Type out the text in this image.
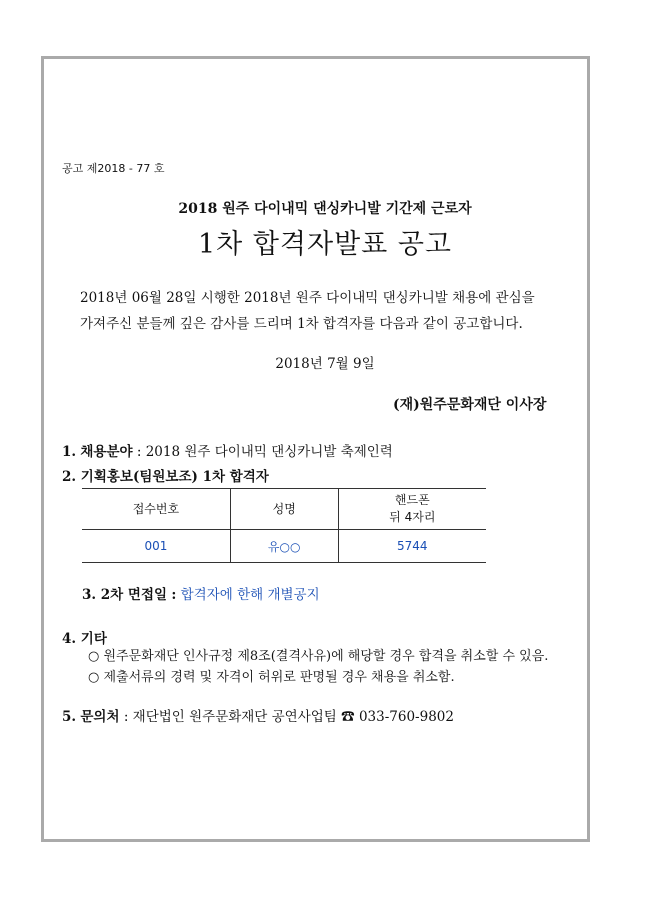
공고 제2018 - 77 호
2018 원주 다이내믹 댄싱카니발 기간제 근로자
1차 합격자발표 공고
2018년 06월 28일 시행한 2018년 원주 다이내믹 댄싱카니발 채용에 관심을
가져주신 분들께 깊은 감사를 드리며 1차 합격자를 다음과 같이 공고합니다.
2018년 7월 9일
(재)원주문화재단 이사장
1. 채용분야 : 2018 원주 다이내믹 댄싱카니발 축제인력
2. 기획홍보(팀원보조) 1차 합격자
접수번호	성명	핸드폰
뒤 4자리

001	유○○	5744
3. 2차 면접일 : 합격자에 한해 개별공지
4. 기타
○ 원주문화재단 인사규정 제8조(결격사유)에 해당할 경우 합격을 취소할 수 있음.
○ 제출서류의 경력 및 자격이 허위로 판명될 경우 채용을 취소함.
5. 문의처 : 재단법인 원주문화재단 공연사업팀 ☎ 033-760-9802
